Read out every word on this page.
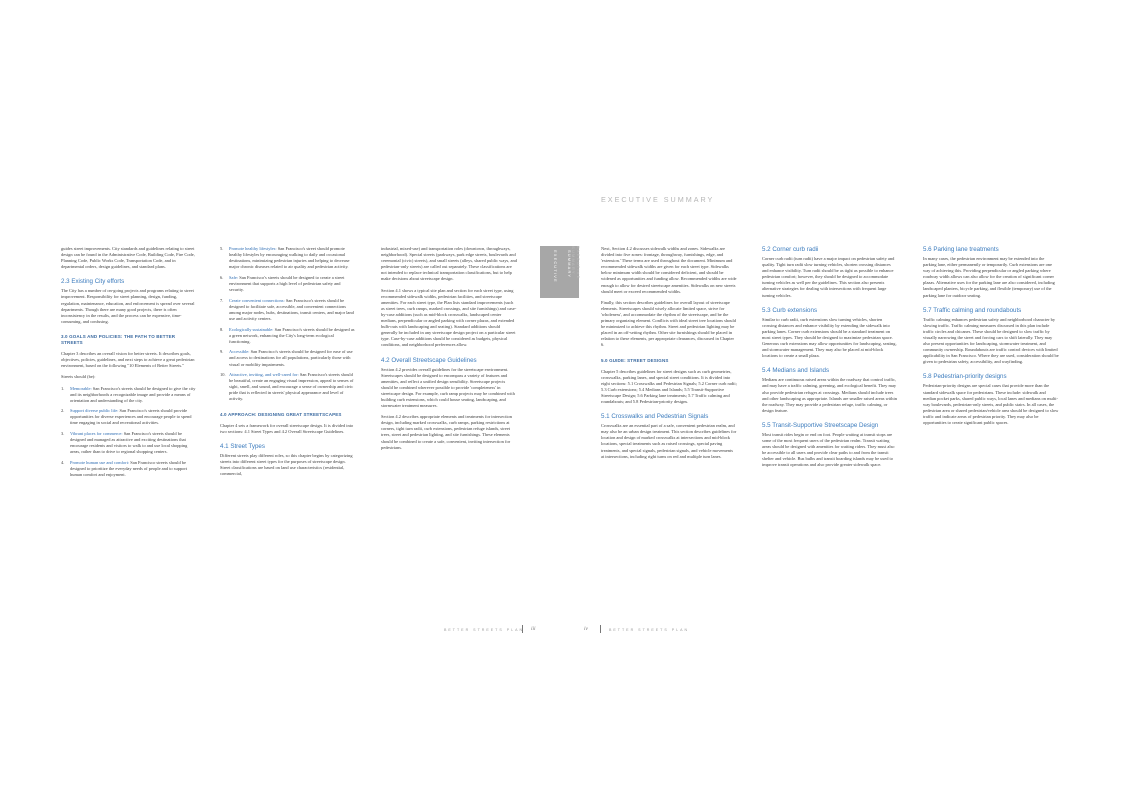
EXECUTIVE SUMMARY

guides street improvements. City standards and guidelines relating to street design can be found in the Administrative Code, Building Code, Fire Code, Planning Code, Public Works Code, Transportation Code, and in departmental orders, design guidelines, and standard plans.

2.3 Existing City efforts

The City has a number of on-going projects and programs relating to street improvement. Responsibility for street planning, design, funding, regulation, maintenance, education, and enforcement is spread over several departments. Though there are many good projects, there is often inconsistency in the results, and the process can be expensive, time-consuming, and confusing.

3.0 GOALS AND POLICIES: THE PATH TO BETTER STREETS

Chapter 3 describes an overall vision for better streets. It describes goals, objectives, policies, guidelines, and next steps to achieve a great pedestrian environment, based on the following "10 Elements of Better Streets."

Streets should (be):

1.	Memorable: San Francisco's streets should be designed to give the city and its neighborhoods a recognizable image and provide a means of orientation and understanding of the city.
2.	Support diverse public life: San Francisco's streets should provide opportunities for diverse experiences and encourage people to spend time engaging in social and recreational activities.
3.	Vibrant places for commerce: San Francisco's streets should be designed and managed as attractive and exciting destinations that encourage residents and visitors to walk to and use local shopping areas, rather than to drive to regional shopping centers.
4.	Promote human use and comfort: San Francisco streets should be designed to prioritize the everyday needs of people and to support human comfort and enjoyment.
5.	Promote healthy lifestyles: San Francisco's street should promote healthy lifestyles by encouraging walking to daily and occasional destinations, minimizing pedestrian injuries and helping to decrease major chronic diseases related to air quality and pedestrian activity.
6.	Safe: San Francisco's streets should be designed to create a street environment that supports a high level of pedestrian safety and security.
7.	Create convenient connections: San Francisco's streets should be designed to facilitate safe, accessible, and convenient connections among major nodes, hubs, destinations, transit centers, and major land use and activity centers.
8.	Ecologically sustainable: San Francisco's streets should be designed as a green network, enhancing the City's long-term ecological functioning.
9.	Accessible: San Francisco's streets should be designed for ease of use and access to destinations for all populations, particularly those with visual or mobility impairments.
10. Attractive, inviting, and well-cared for: San Francisco's streets should be beautiful, create an engaging visual impression, appeal to senses of sight, smell, and sound, and encourage a sense of ownership and civic pride that is reflected in streets' physical appearance and level of activity.
4.0 APPROACH: DESIGNING GREAT STREETSCAPES

Chapter 4 sets a framework for overall streetscape design. It is divided into two sections: 4.1 Street Types and 4.2 Overall Streetscape Guidelines.

4.1 Street Types

Different streets play different roles, so this chapter begins by categorizing streets into different street types for the purposes of streetscape design. Street classifications are based on land use characteristics (residential, commercial,

industrial, mixed-use) and transportation roles (downtown, throughways, neighborhood). Special streets (parkways, park edge streets, boulevards and ceremonial (civic) streets), and small streets (alleys, shared public ways, and pedestrian-only streets) are called out separately. These classifications are not intended to replace technical transportation classifications, but to help make decisions about streetscape design.

Section 4.1 shows a typical site plan and section for each street type, using recommended sidewalk widths, pedestrian facilities, and streetscape amenities. For each street type, the Plan lists standard improvements (such as street trees, curb ramps, marked crossings, and site furnishings) and case-by-case additions (such as mid-block crosswalks, landscaped center medians, perpendicular or angled parking with corner plazas, and extended bulb-outs with landscaping and seating). Standard additions should generally be included in any streetscape design project on a particular street type. Case-by-case additions should be considered as budgets, physical conditions, and neighborhood preferences allow.

4.2 Overall Streetscape Guidelines

Section 4.2 provides overall guidelines for the streetscape environment. Streetscapes should be designed to encompass a variety of features and amenities, and reflect a unified design sensibility. Streetscape projects should be combined wherever possible to provide 'completeness' in streetscape design. For example, curb ramp projects may be combined with building curb extensions, which could house seating, landscaping, and stormwater treatment measures.

Section 4.2 describes appropriate elements and treatments for intersection design, including marked crosswalks, curb ramps, parking restrictions at corners, tight turn radii, curb extensions, pedestrian refuge islands, street trees, street and pedestrian lighting, and site furnishings. These elements should be combined to create a safe, convenient, inviting intersection for pedestrians.

EXECUTIVE	SUMMARY	EXECUTIVE SUMMARY	Next, Section 4.2 discusses sidewalk widths and zones. Sidewalks are divided into five zones: frontage, throughway, furnishings, edge, and 'extension.' These terms are used throughout the document. Minimum and recommended sidewalk widths are given for each street type. Sidewalks below minimum width should be considered deficient, and should be widened as opportunities and funding allow. Recommended widths are wide enough to allow for desired streetscape amenities. Sidewalks on new streets should meet or exceed recommended widths.

Finally, this section describes guidelines for overall layout of streetscape elements. Streetscapes should wisely allocate limited space, strive for 'wholeness', and accommodate the rhythm of the streetscape, and be the primary organizing element. Conflicts with ideal street tree locations should be minimized to achieve this rhythm. Street and pedestrian lighting may be placed in an off-setting rhythm. Other site furnishings should be placed in relation to these elements, per appropriate clearances, discussed in Chapter 6.

5.0 GUIDE: STREET DESIGNS

Chapter 5 describes guidelines for street designs such as curb geometries, crosswalks, parking lanes, and special street conditions. It is divided into eight sections: 5.1 Crosswalks and Pedestrian Signals; 5.2 Corner curb radii; 5.3 Curb extensions; 5.4 Medians and Islands; 5.5 Transit-Supportive Streetscape Design; 5.6 Parking lane treatments; 5.7 Traffic calming and roundabouts; and 5.8 Pedestrian-priority designs.

5.1 Crosswalks and Pedestrian Signals

Crosswalks are an essential part of a safe, convenient pedestrian realm, and may also be an urban design treatment. This section describes guidelines for location and design of marked crosswalks at intersections and mid-block locations, special treatments such as raised crossings, special paving treatments, and special signals, pedestrian signals, and vehicle movements at intersections, including right turns on red and multiple turn lanes.

5.2 Corner curb radii

Corner curb radii (turn radii) have a major impact on pedestrian safety and quality. Tight turn radii slow turning vehicles, shorten crossing distances and enhance visibility. Turn radii should be as tight as possible to enhance pedestrian comfort; however, they should be designed to accommodate turning vehicles as well per the guidelines. This section also presents alternative strategies for dealing with intersections with frequent large turning vehicles.

5.3 Curb extensions

Similar to curb radii, curb extensions slow turning vehicles, shorten crossing distances and enhance visibility by extending the sidewalk into parking lanes. Corner curb extensions should be a standard treatment on most street types. They should be designed to maximize pedestrian space. Generous curb extensions may allow opportunities for landscaping, seating, and stormwater management. They may also be placed at mid-block locations to create a small plaza.

5.4 Medians and Islands

Medians are continuous raised areas within the roadway that control traffic, and may have a traffic calming, greening, and ecological benefit. They may also provide pedestrian refuges at crossings. Medians should include trees and other landscaping as appropriate. Islands are smaller raised areas within the roadway. They may provide a pedestrian refuge, traffic calming, or design feature.

5.5 Transit-Supportive Streetscape Design

Most transit rides begin or end on foot. People waiting at transit stops are some of the most frequent users of the pedestrian realm. Transit waiting areas should be designed with amenities for waiting riders. They must also be accessible to all users and provide clear paths to and from the transit shelter and vehicle. Bus bulbs and transit boarding islands may be used to improve transit operations and also provide greater sidewalk space.

5.6 Parking lane treatments

In many cases, the pedestrian environment may be extended into the parking lane, either permanently or temporarily. Curb extensions are one way of achieving this. Providing perpendicular or angled parking where roadway width allows can also allow for the creation of significant corner plazas. Alternative uses for the parking lane are also considered, including landscaped planters, bicycle parking, and flexible (temporary) use of the parking lane for outdoor seating.

5.7 Traffic calming and roundabouts

Traffic calming enhances pedestrian safety and neighborhood character by slowing traffic. Traffic calming measures discussed in this plan include traffic circles and chicanes. These should be designed to slow traffic by visually narrowing the street and forcing cars to shift laterally. They may also present opportunities for landscaping, stormwater treatment, and community ownership. Roundabouts are traffic control devices with limited applicability in San Francisco. Where they are used, consideration should be given to pedestrian safety, accessibility, and wayfinding.

5.8 Pedestrian-priority designs

Pedestrian-priority designs are special cases that provide more than the standard sidewalk space for pedestrians. These include: sidewalk and median pocket parks, shared public ways, local lanes and medians on multi-way boulevards, pedestrian-only streets, and public stairs. In all cases, the pedestrian area or shared pedestrian/vehicle area should be designed to slow traffic and indicate areas of pedestrian priority. They may also be opportunities to create significant public spaces.

BETTER STREETS PLAN iii	iv	BETTER STREETS PLAN
